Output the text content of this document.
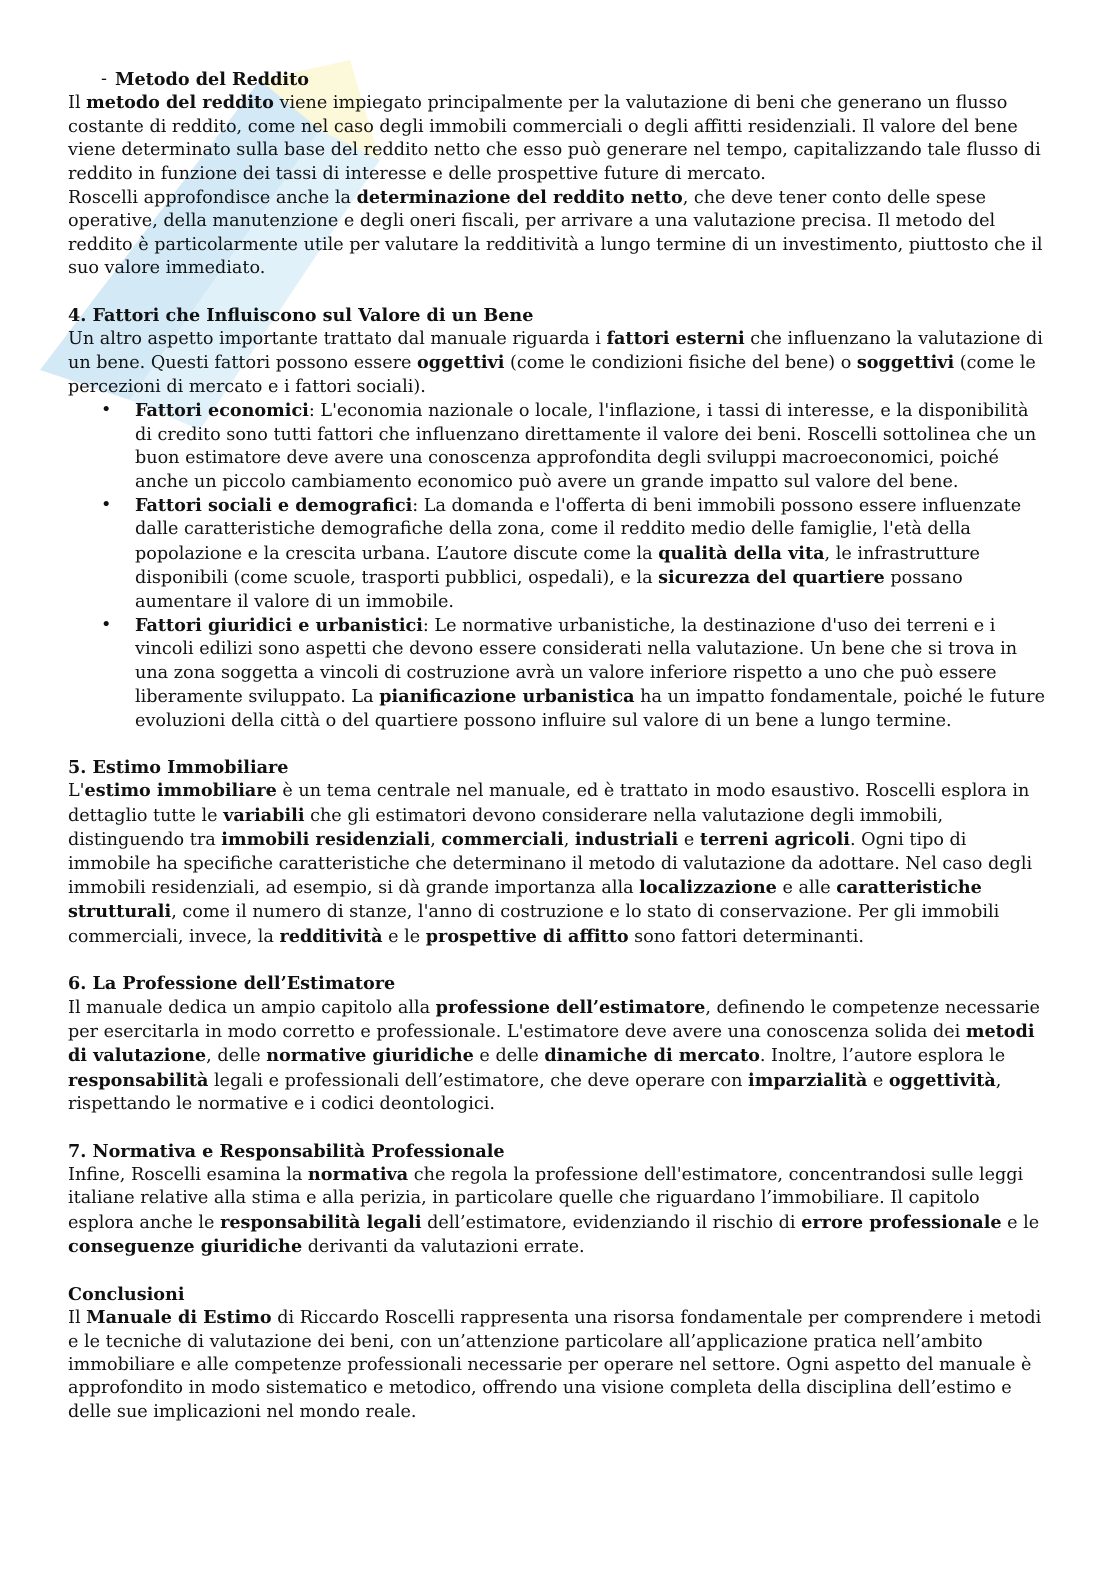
- Metodo del Reddito

Il metodo del reddito viene impiegato principalmente per la valutazione di beni che generano un flusso costante di reddito, come nel caso degli immobili commerciali o degli affitti residenziali. Il valore del bene viene determinato sulla base del reddito netto che esso può generare nel tempo, capitalizzando tale flusso di reddito in funzione dei tassi di interesse e delle prospettive future di mercato.

Roscelli approfondisce anche la determinazione del reddito netto, che deve tener conto delle spese operative, della manutenzione e degli oneri fiscali, per arrivare a una valutazione precisa. Il metodo del reddito è particolarmente utile per valutare la redditività a lungo termine di un investimento, piuttosto che il suo valore immediato.

4. Fattori che Influiscono sul Valore di un Bene

Un altro aspetto importante trattato dal manuale riguarda i fattori esterni che influenzano la valutazione di un bene. Questi fattori possono essere oggettivi (come le condizioni fisiche del bene) o soggettivi (come le percezioni di mercato e i fattori sociali).

• Fattori economici: L'economia nazionale o locale, l'inflazione, i tassi di interesse, e la disponibilità di credito sono tutti fattori che influenzano direttamente il valore dei beni. Roscelli sottolinea che un buon estimatore deve avere una conoscenza approfondita degli sviluppi macroeconomici, poiché anche un piccolo cambiamento economico può avere un grande impatto sul valore del bene.
• Fattori sociali e demografici: La domanda e l'offerta di beni immobili possono essere influenzate dalle caratteristiche demografiche della zona, come il reddito medio delle famiglie, l'età della popolazione e la crescita urbana. L’autore discute come la qualità della vita, le infrastrutture disponibili (come scuole, trasporti pubblici, ospedali), e la sicurezza del quartiere possano aumentare il valore di un immobile.
• Fattori giuridici e urbanistici: Le normative urbanistiche, la destinazione d'uso dei terreni e i vincoli edilizi sono aspetti che devono essere considerati nella valutazione. Un bene che si trova in una zona soggetta a vincoli di costruzione avrà un valore inferiore rispetto a uno che può essere liberamente sviluppato. La pianificazione urbanistica ha un impatto fondamentale, poiché le future evoluzioni della città o del quartiere possono influire sul valore di un bene a lungo termine.
5. Estimo Immobiliare

L'estimo immobiliare è un tema centrale nel manuale, ed è trattato in modo esaustivo. Roscelli esplora in dettaglio tutte le variabili che gli estimatori devono considerare nella valutazione degli immobili, distinguendo tra immobili residenziali, commerciali, industriali e terreni agricoli. Ogni tipo di immobile ha specifiche caratteristiche che determinano il metodo di valutazione da adottare. Nel caso degli immobili residenziali, ad esempio, si dà grande importanza alla localizzazione e alle caratteristiche strutturali, come il numero di stanze, l'anno di costruzione e lo stato di conservazione. Per gli immobili commerciali, invece, la redditività e le prospettive di affitto sono fattori determinanti.

6. La Professione dell’Estimatore

Il manuale dedica un ampio capitolo alla professione dell’estimatore, definendo le competenze necessarie per esercitarla in modo corretto e professionale. L'estimatore deve avere una conoscenza solida dei metodi di valutazione, delle normative giuridiche e delle dinamiche di mercato. Inoltre, l’autore esplora le responsabilità legali e professionali dell’estimatore, che deve operare con imparzialità e oggettività, rispettando le normative e i codici deontologici.

7. Normativa e Responsabilità Professionale

Infine, Roscelli esamina la normativa che regola la professione dell'estimatore, concentrandosi sulle leggi italiane relative alla stima e alla perizia, in particolare quelle che riguardano l’immobiliare. Il capitolo esplora anche le responsabilità legali dell’estimatore, evidenziando il rischio di errore professionale e le conseguenze giuridiche derivanti da valutazioni errate.

Conclusioni

Il Manuale di Estimo di Riccardo Roscelli rappresenta una risorsa fondamentale per comprendere i metodi e le tecniche di valutazione dei beni, con un’attenzione particolare all’applicazione pratica nell’ambito immobiliare e alle competenze professionali necessarie per operare nel settore. Ogni aspetto del manuale è approfondito in modo sistematico e metodico, offrendo una visione completa della disciplina dell’estimo e delle sue implicazioni nel mondo reale.
